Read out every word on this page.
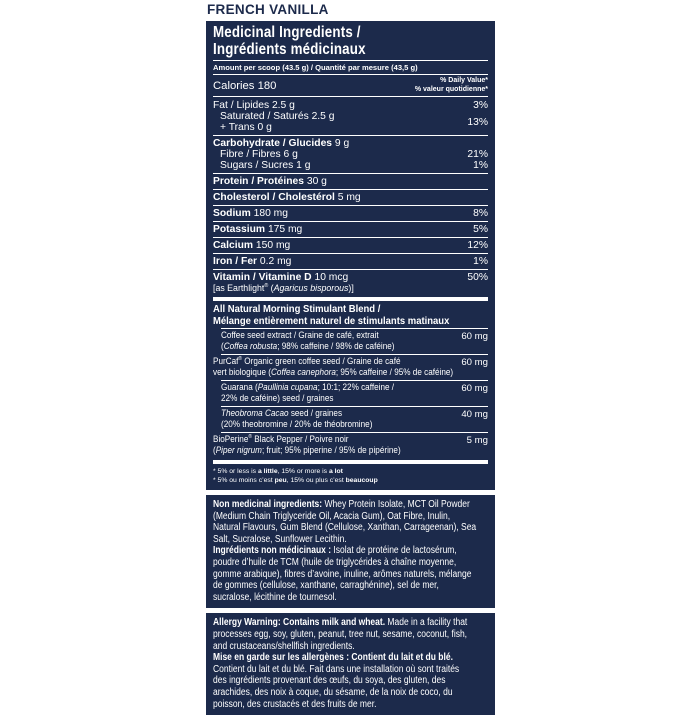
FRENCH VANILLA
Medicinal Ingredients /
Ingrédients médicinaux
Amount per scoop (43.5 g) / Quantité par mesure (43,5 g)
Calories 180	% Daily Value*
% valeur quotidienne*
Fat / Lipides 2.5 g	3%
Saturated / Saturés 2.5 g
+ Trans 0 g	13%
Carbohydrate / Glucides 9 g
Fibre / Fibres 6 g	21%
Sugars / Sucres 1 g	1%
Protein / Protéines 30 g
Cholesterol / Cholestérol 5 mg
Sodium 180 mg	8%
Potassium 175 mg	5%
Calcium 150 mg	12%
Iron / Fer 0.2 mg	1%
Vitamin / Vitamine D 10 mcg	50%
[as Earthlight® (Agaricus bisporous)]
All Natural Morning Stimulant Blend /
Mélange entièrement naturel de stimulants matinaux
Coffee seed extract / Graine de café, extrait
(Coffea robusta; 98% caffeine / 98% de caféine)
60 mg
PurCaf® Organic green coffee seed / Graine de café
vert biologique (Coffea canephora; 95% caffeine / 95% de caféine)
60 mg
Guarana (Paullinia cupana; 10:1; 22% caffeine /
22% de caféine) seed / graines
60 mg
Theobroma Cacao seed / graines
(20% theobromine / 20% de théobromine)
40 mg
BioPerine® Black Pepper / Poivre noir
(Piper nigrum; fruit; 95% piperine / 95% de pipérine)
5 mg
* 5% or less is a little, 15% or more is a lot
* 5% ou moins c’est peu, 15% ou plus c’est beaucoup
Non medicinal ingredients: Whey Protein Isolate, MCT Oil Powder
(Medium Chain Triglyceride Oil, Acacia Gum), Oat Fibre, Inulin,
Natural Flavours, Gum Blend (Cellulose, Xanthan, Carrageenan), Sea
Salt, Sucralose, Sunflower Lecithin.
Ingrédients non médicinaux : Isolat de protéine de lactosérum,
poudre d’huile de TCM (huile de triglycérides à chaîne moyenne,
gomme arabique), fibres d’avoine, inuline, arômes naturels, mélange
de gommes (cellulose, xanthane, carraghénine), sel de mer,
sucralose, lécithine de tournesol.
Allergy Warning: Contains milk and wheat. Made in a facility that
processes egg, soy, gluten, peanut, tree nut, sesame, coconut, fish,
and crustaceans/shellfish ingredients.
Mise en garde sur les allergènes : Contient du lait et du blé.
Contient du lait et du blé. Fait dans une installation où sont traités
des ingrédients provenant des œufs, du soya, des gluten, des
arachides, des noix à coque, du sésame, de la noix de coco, du
poisson, des crustacés et des fruits de mer.
